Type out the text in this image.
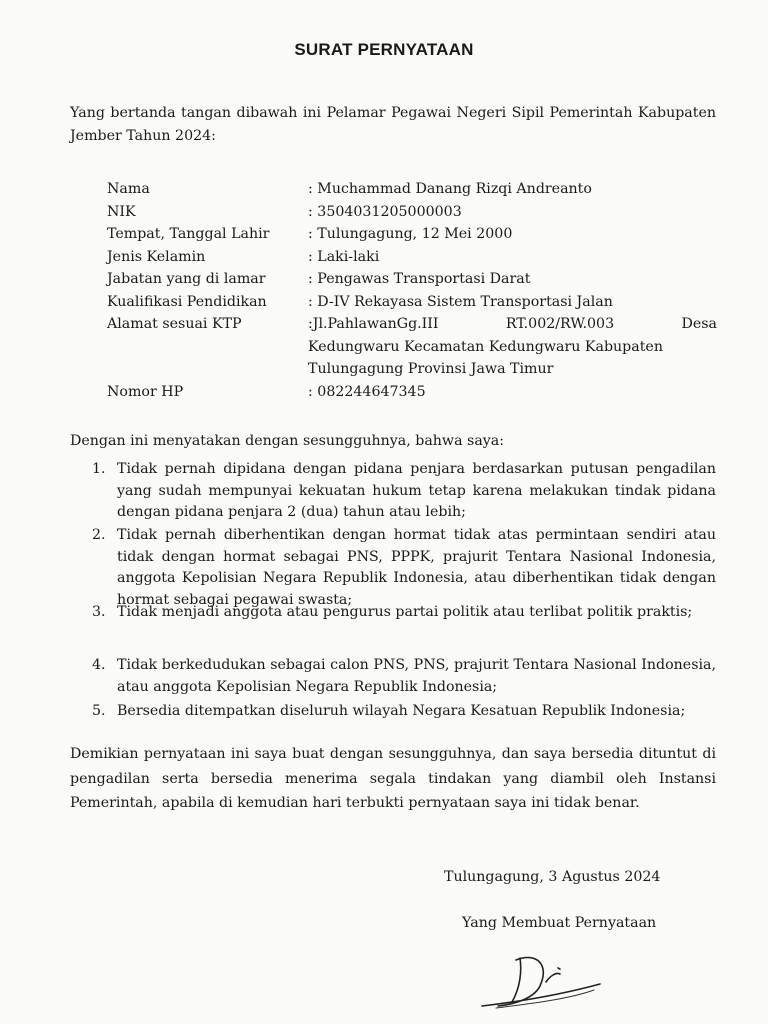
SURAT PERNYATAAN
Yang bertanda tangan dibawah ini Pelamar Pegawai Negeri Sipil Pemerintah Kabupaten Jember Tahun 2024:
Nama	: Muchammad Danang Rizqi Andreanto
NIK	: 3504031205000003
Tempat, Tanggal Lahir	: Tulungagung, 12 Mei 2000
Jenis Kelamin	: Laki-laki
Jabatan yang di lamar	: Pengawas Transportasi Darat
Kualifikasi Pendidikan	: D-IV Rekayasa Sistem Transportasi Jalan
Alamat sesuai KTP	:Jl.PahlawanGg.III	RT.002/RW.003	Desa
Kedungwaru Kecamatan Kedungwaru Kabupaten
Tulungagung Provinsi Jawa Timur
Nomor HP	: 082244647345
Dengan ini menyatakan dengan sesungguhnya, bahwa saya:
1. Tidak pernah dipidana dengan pidana penjara berdasarkan putusan pengadilan yang sudah mempunyai kekuatan hukum tetap karena melakukan tindak pidana dengan pidana penjara 2 (dua) tahun atau lebih;
2. Tidak pernah diberhentikan dengan hormat tidak atas permintaan sendiri atau tidak dengan hormat sebagai PNS, PPPK, prajurit Tentara Nasional Indonesia, anggota Kepolisian Negara Republik Indonesia, atau diberhentikan tidak dengan hormat sebagai pegawai swasta;
3. Tidak menjadi anggota atau pengurus partai politik atau terlibat politik praktis;
4. Tidak berkedudukan sebagai calon PNS, PNS, prajurit Tentara Nasional Indonesia, atau anggota Kepolisian Negara Republik Indonesia;
5. Bersedia ditempatkan diseluruh wilayah Negara Kesatuan Republik Indonesia;
Demikian pernyataan ini saya buat dengan sesungguhnya, dan saya bersedia dituntut di pengadilan serta bersedia menerima segala tindakan yang diambil oleh Instansi Pemerintah, apabila di kemudian hari terbukti pernyataan saya ini tidak benar.
Tulungagung, 3 Agustus 2024
Yang Membuat Pernyataan
